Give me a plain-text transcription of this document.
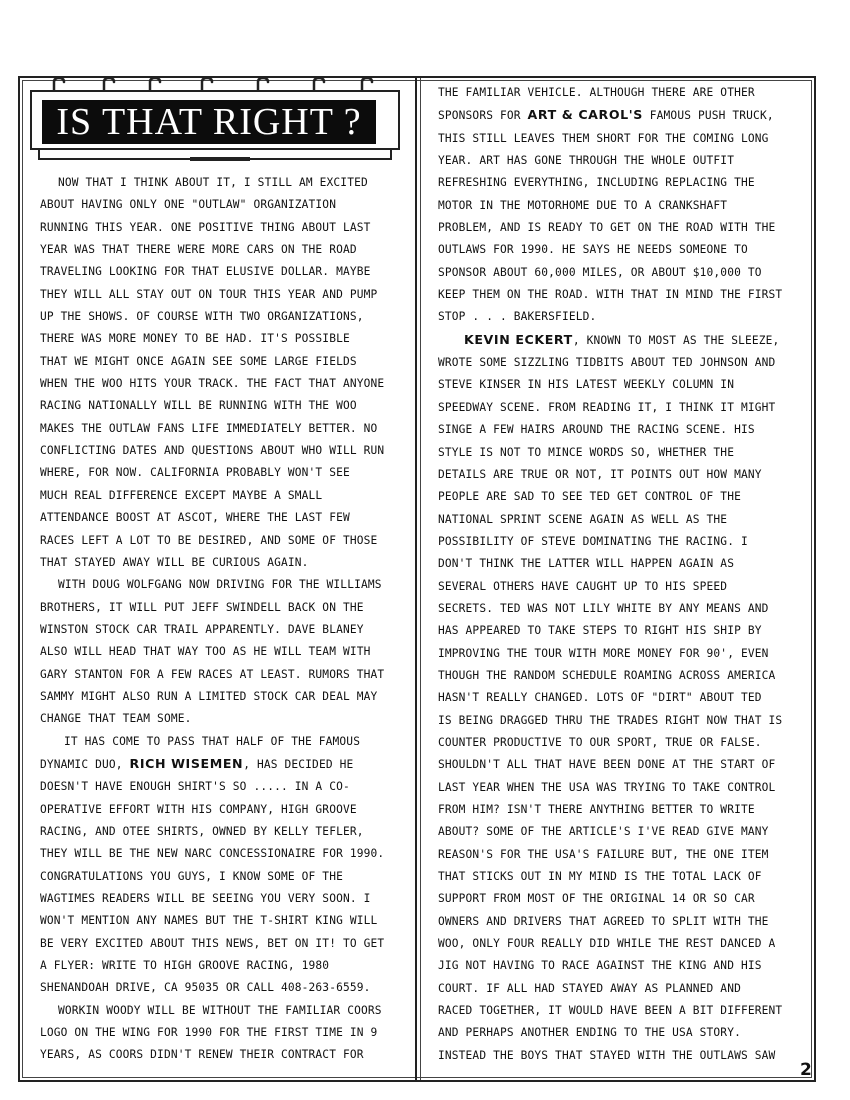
IS THAT RIGHT ?

NOW THAT I THINK ABOUT IT, I STILL AM EXCITED

ABOUT HAVING ONLY ONE "OUTLAW" ORGANIZATION

RUNNING THIS YEAR. ONE POSITIVE THING ABOUT LAST

YEAR WAS THAT THERE WERE MORE CARS ON THE ROAD

TRAVELING LOOKING FOR THAT ELUSIVE DOLLAR. MAYBE

THEY WILL ALL STAY OUT ON TOUR THIS YEAR AND PUMP

UP THE SHOWS. OF COURSE WITH TWO ORGANIZATIONS,

THERE WAS MORE MONEY TO BE HAD. IT'S POSSIBLE

THAT WE MIGHT ONCE AGAIN SEE SOME LARGE FIELDS

WHEN THE WOO HITS YOUR TRACK. THE FACT THAT ANYONE

RACING NATIONALLY WILL BE RUNNING WITH THE WOO

MAKES THE OUTLAW FANS LIFE IMMEDIATELY BETTER. NO

CONFLICTING DATES AND QUESTIONS ABOUT WHO WILL RUN

WHERE, FOR NOW. CALIFORNIA PROBABLY WON'T SEE

MUCH REAL DIFFERENCE EXCEPT MAYBE A SMALL

ATTENDANCE BOOST AT ASCOT, WHERE THE LAST FEW

RACES LEFT A LOT TO BE DESIRED, AND SOME OF THOSE

THAT STAYED AWAY WILL BE CURIOUS AGAIN.

WITH DOUG WOLFGANG NOW DRIVING FOR THE WILLIAMS

BROTHERS, IT WILL PUT JEFF SWINDELL BACK ON THE

WINSTON STOCK CAR TRAIL APPARENTLY. DAVE BLANEY

ALSO WILL HEAD THAT WAY TOO AS HE WILL TEAM WITH

GARY STANTON FOR A FEW RACES AT LEAST. RUMORS THAT

SAMMY MIGHT ALSO RUN A LIMITED STOCK CAR DEAL MAY

CHANGE THAT TEAM SOME.

IT HAS COME TO PASS THAT HALF OF THE FAMOUS

DYNAMIC DUO, RICH WISEMEN, HAS DECIDED HE

DOESN'T HAVE ENOUGH SHIRT'S SO ..... IN A CO-

OPERATIVE EFFORT WITH HIS COMPANY, HIGH GROOVE

RACING, AND OTEE SHIRTS, OWNED BY KELLY TEFLER,

THEY WILL BE THE NEW NARC CONCESSIONAIRE FOR 1990.

CONGRATULATIONS YOU GUYS, I KNOW SOME OF THE

WAGTIMES READERS WILL BE SEEING YOU VERY SOON. I

WON'T MENTION ANY NAMES BUT THE T-SHIRT KING WILL

BE VERY EXCITED ABOUT THIS NEWS, BET ON IT! TO GET

A FLYER: WRITE TO HIGH GROOVE RACING, 1980

SHENANDOAH DRIVE, CA 95035 OR CALL 408-263-6559.

WORKIN WOODY WILL BE WITHOUT THE FAMILIAR COORS

LOGO ON THE WING FOR 1990 FOR THE FIRST TIME IN 9

YEARS, AS COORS DIDN'T RENEW THEIR CONTRACT FOR

THE FAMILIAR VEHICLE. ALTHOUGH THERE ARE OTHER

SPONSORS FOR ART & CAROL'S FAMOUS PUSH TRUCK,

THIS STILL LEAVES THEM SHORT FOR THE COMING LONG

YEAR. ART HAS GONE THROUGH THE WHOLE OUTFIT

REFRESHING EVERYTHING, INCLUDING REPLACING THE

MOTOR IN THE MOTORHOME DUE TO A CRANKSHAFT

PROBLEM, AND IS READY TO GET ON THE ROAD WITH THE

OUTLAWS FOR 1990. HE SAYS HE NEEDS SOMEONE TO

SPONSOR ABOUT 60,000 MILES, OR ABOUT $10,000 TO

KEEP THEM ON THE ROAD. WITH THAT IN MIND THE FIRST

STOP . . . BAKERSFIELD.

KEVIN ECKERT, KNOWN TO MOST AS THE SLEEZE,

WROTE SOME SIZZLING TIDBITS ABOUT TED JOHNSON AND

STEVE KINSER IN HIS LATEST WEEKLY COLUMN IN

SPEEDWAY SCENE. FROM READING IT, I THINK IT MIGHT

SINGE A FEW HAIRS AROUND THE RACING SCENE. HIS

STYLE IS NOT TO MINCE WORDS SO, WHETHER THE

DETAILS ARE TRUE OR NOT, IT POINTS OUT HOW MANY

PEOPLE ARE SAD TO SEE TED GET CONTROL OF THE

NATIONAL SPRINT SCENE AGAIN AS WELL AS THE

POSSIBILITY OF STEVE DOMINATING THE RACING. I

DON'T THINK THE LATTER WILL HAPPEN AGAIN AS

SEVERAL OTHERS HAVE CAUGHT UP TO HIS SPEED

SECRETS. TED WAS NOT LILY WHITE BY ANY MEANS AND

HAS APPEARED TO TAKE STEPS TO RIGHT HIS SHIP BY

IMPROVING THE TOUR WITH MORE MONEY FOR 90', EVEN

THOUGH THE RANDOM SCHEDULE ROAMING ACROSS AMERICA

HASN'T REALLY CHANGED. LOTS OF "DIRT" ABOUT TED

IS BEING DRAGGED THRU THE TRADES RIGHT NOW THAT IS

COUNTER PRODUCTIVE TO OUR SPORT, TRUE OR FALSE.

SHOULDN'T ALL THAT HAVE BEEN DONE AT THE START OF

LAST YEAR WHEN THE USA WAS TRYING TO TAKE CONTROL

FROM HIM? ISN'T THERE ANYTHING BETTER TO WRITE

ABOUT? SOME OF THE ARTICLE'S I'VE READ GIVE MANY

REASON'S FOR THE USA'S FAILURE BUT, THE ONE ITEM

THAT STICKS OUT IN MY MIND IS THE TOTAL LACK OF

SUPPORT FROM MOST OF THE ORIGINAL 14 OR SO CAR

OWNERS AND DRIVERS THAT AGREED TO SPLIT WITH THE

WOO, ONLY FOUR REALLY DID WHILE THE REST DANCED A

JIG NOT HAVING TO RACE AGAINST THE KING AND HIS

COURT. IF ALL HAD STAYED AWAY AS PLANNED AND

RACED TOGETHER, IT WOULD HAVE BEEN A BIT DIFFERENT

AND PERHAPS ANOTHER ENDING TO THE USA STORY.

INSTEAD THE BOYS THAT STAYED WITH THE OUTLAWS SAW

2
